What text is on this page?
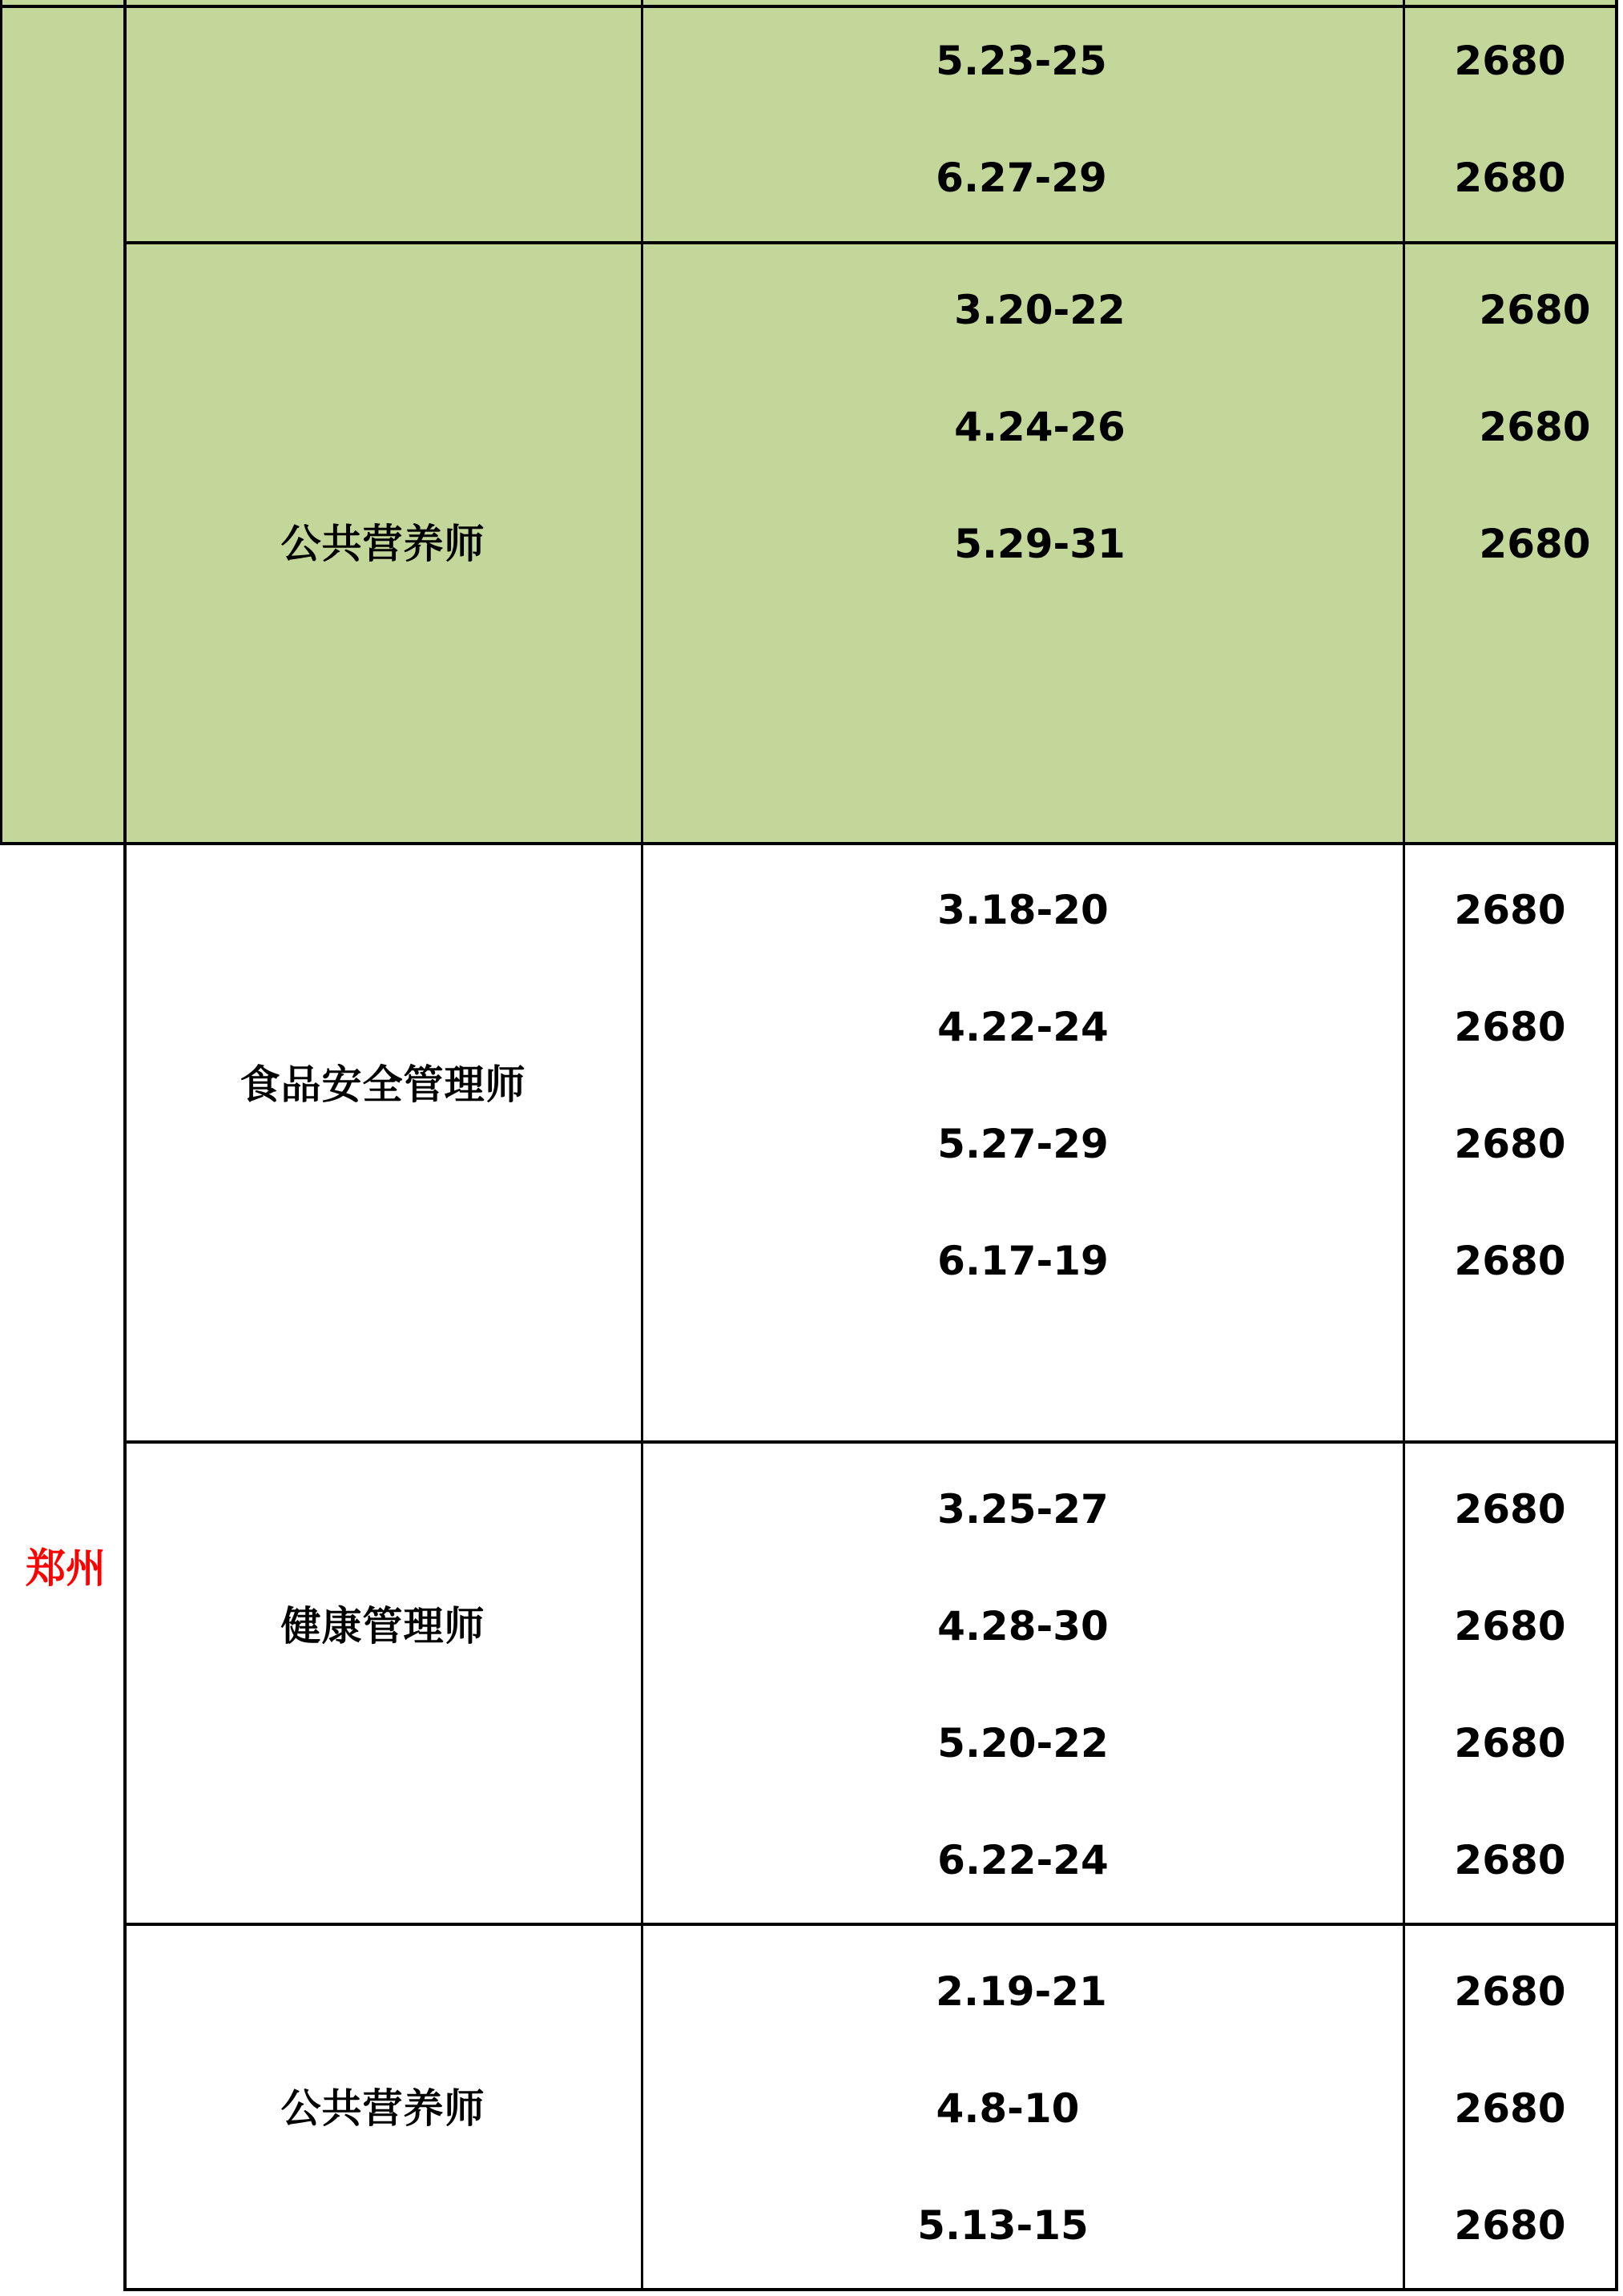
5.23-25
6.27-29
2680
2680
公共营养师
3.20-22
4.24-26
5.29-31
2680
2680
2680
郑州
食品安全管理师
3.18-20
4.22-24
5.27-29
6.17-19
2680
2680
2680
2680
健康管理师
3.25-27
4.28-30
5.20-22
6.22-24
2680
2680
2680
2680
公共营养师
2.19-21
4.8-10
5.13-15
2680
2680
2680
